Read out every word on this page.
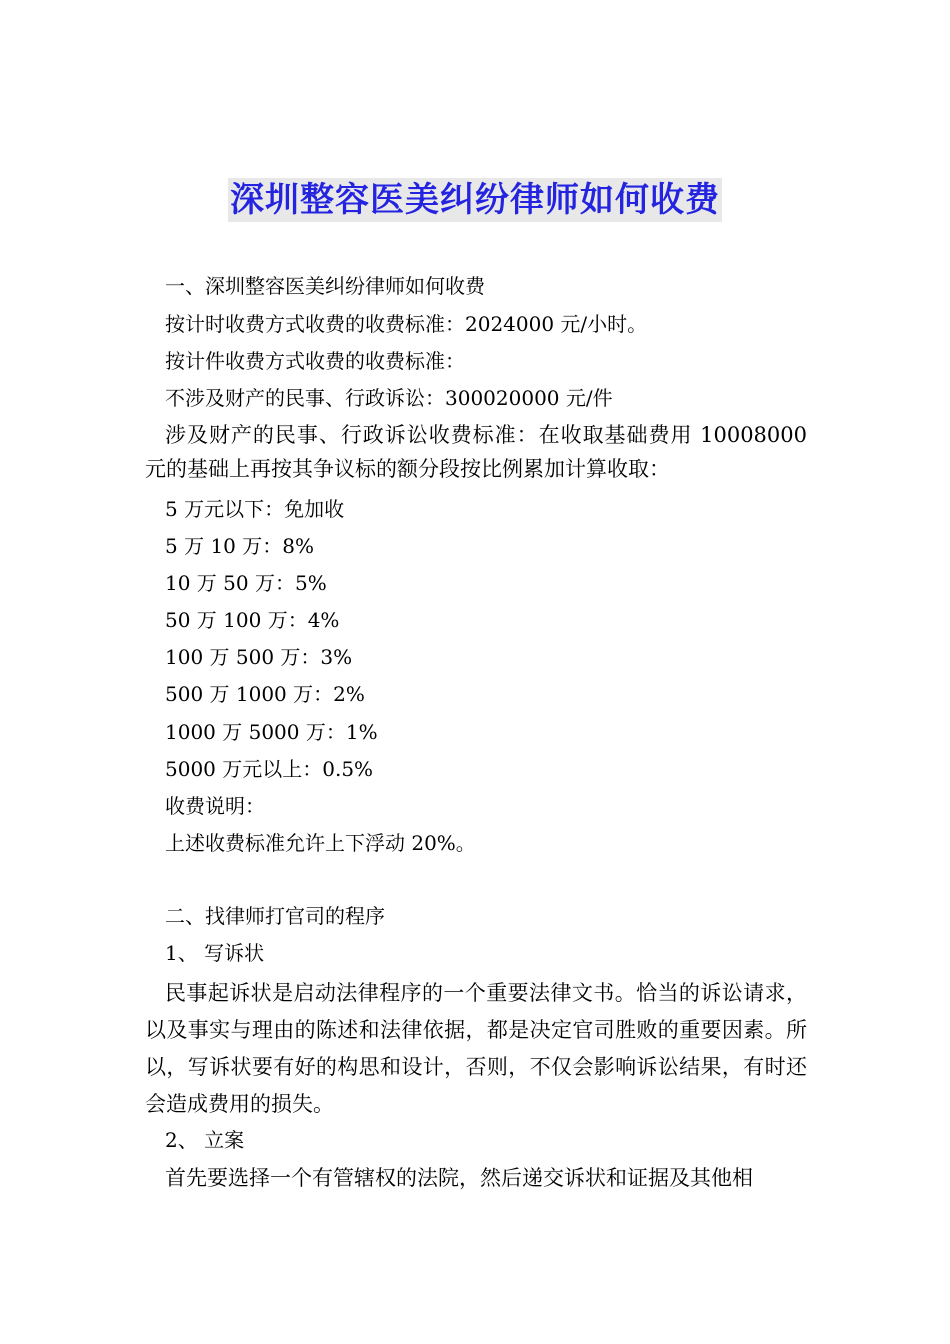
深圳整容医美纠纷律师如何收费
一、深圳整容医美纠纷律师如何收费
按计时收费方式收费的收费标准：2024000 元/小时。
按计件收费方式收费的收费标准：
不涉及财产的民事、行政诉讼：300020000 元/件
涉及财产的民事、行政诉讼收费标准：在收取基础费用 10008000 元的基础上再按其争议标的额分段按比例累加计算收取：
5 万元以下：免加收
5 万 10 万：8%
10 万 50 万：5%
50 万 100 万：4%
100 万 500 万：3%
500 万 1000 万：2%
1000 万 5000 万：1%
5000 万元以上：0.5%
收费说明：
上述收费标准允许上下浮动 20%。
二、找律师打官司的程序
1、 写诉状
民事起诉状是启动法律程序的一个重要法律文书。恰当的诉讼请求，以及事实与理由的陈述和法律依据，都是决定官司胜败的重要因素。所以，写诉状要有好的构思和设计，否则，不仅会影响诉讼结果，有时还会造成费用的损失。
2、 立案
首先要选择一个有管辖权的法院，然后递交诉状和证据及其他相
